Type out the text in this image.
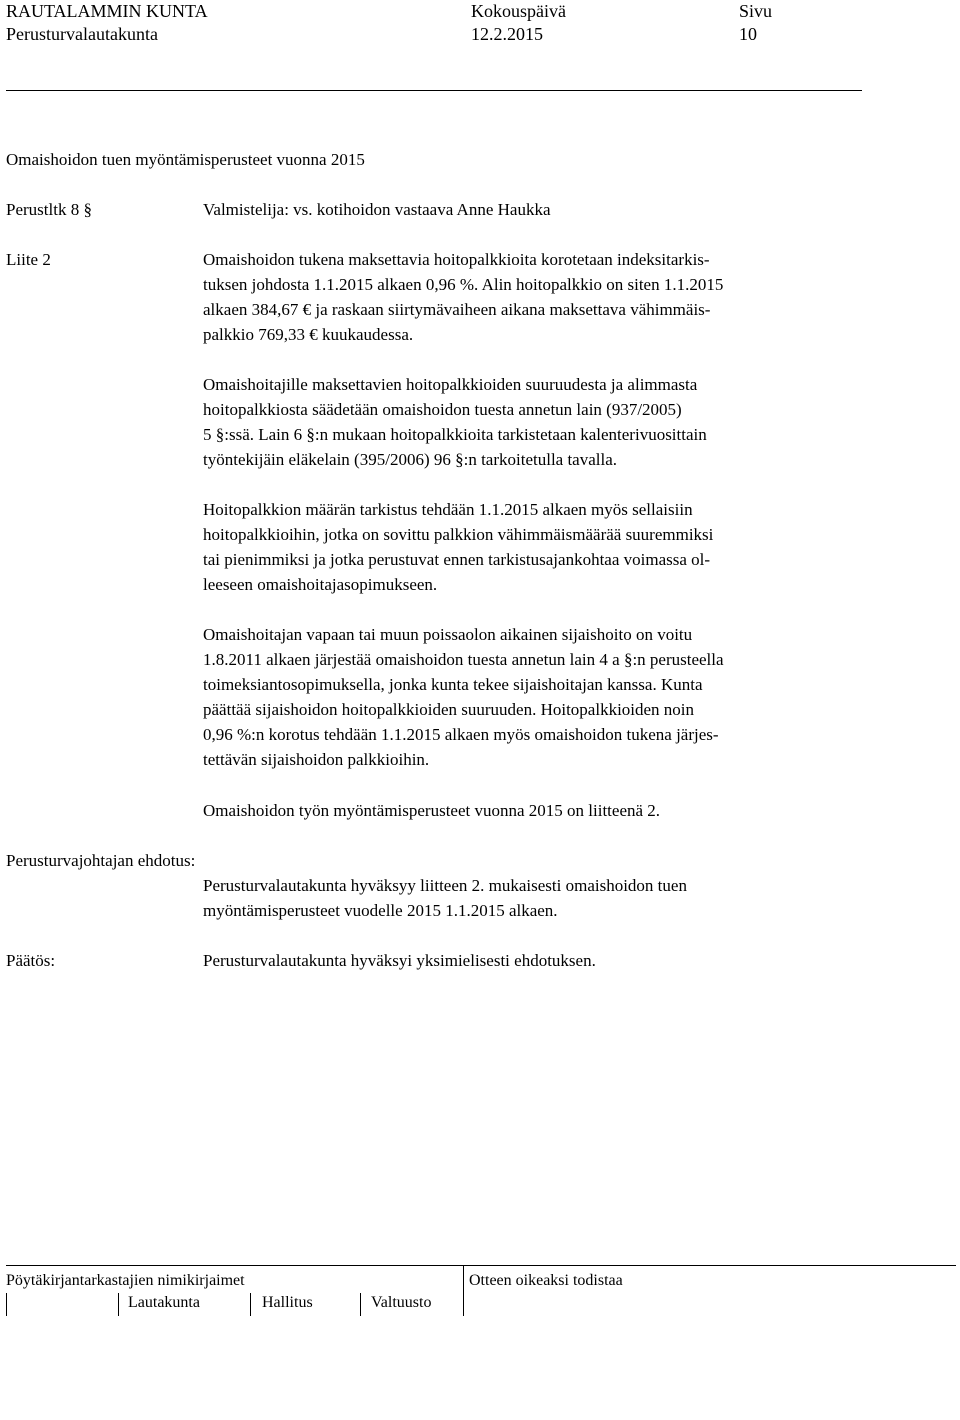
RAUTALAMMIN KUNTA	Kokouspäivä	Sivu
Perusturvalautakunta	12.2.2015	10
Omaishoidon tuen myöntämisperusteet vuonna 2015
Perustltk 8 §	Valmistelija: vs. kotihoidon vastaava Anne Haukka
Liite 2	Omaishoidon tukena maksettavia hoitopalkkioita korotetaan indeksitarkis-
tuksen johdosta 1.1.2015 alkaen 0,96 %. Alin hoitopalkkio on siten 1.1.2015
alkaen 384,67 € ja raskaan siirtymävaiheen aikana maksettava vähimmäis-
palkkio 769,33 € kuukaudessa.

Omaishoitajille maksettavien hoitopalkkioiden suuruudesta ja alimmasta
hoitopalkkiosta säädetään omaishoidon tuesta annetun lain (937/2005)
5 §:ssä. Lain 6 §:n mukaan hoitopalkkioita tarkistetaan kalenterivuosittain
työntekijäin eläkelain (395/2006) 96 §:n tarkoitetulla tavalla.

Hoitopalkkion määrän tarkistus tehdään 1.1.2015 alkaen myös sellaisiin
hoitopalkkioihin, jotka on sovittu palkkion vähimmäismäärää suuremmiksi
tai pienimmiksi ja jotka perustuvat ennen tarkistusajankohtaa voimassa ol-
leeseen omaishoitajasopimukseen.

Omaishoitajan vapaan tai muun poissaolon aikainen sijaishoito on voitu
1.8.2011 alkaen järjestää omaishoidon tuesta annetun lain 4 a §:n perusteella
toimeksiantosopimuksella, jonka kunta tekee sijaishoitajan kanssa. Kunta
päättää sijaishoidon hoitopalkkioiden suuruuden. Hoitopalkkioiden noin
0,96 %:n korotus tehdään 1.1.2015 alkaen myös omaishoidon tukena järjes-
tettävän sijaishoidon palkkioihin.

Omaishoidon työn myöntämisperusteet vuonna 2015 on liitteenä 2.

Perusturvajohtajan ehdotus:

Perusturvalautakunta hyväksyy liitteen 2. mukaisesti omaishoidon tuen
myöntämisperusteet vuodelle 2015 1.1.2015 alkaen.

Päätös:	Perusturvalautakunta hyväksyi yksimielisesti ehdotuksen.
Pöytäkirjantarkastajien nimikirjaimet	Otteen oikeaksi todistaa
Lautakunta	Hallitus	Valtuusto
